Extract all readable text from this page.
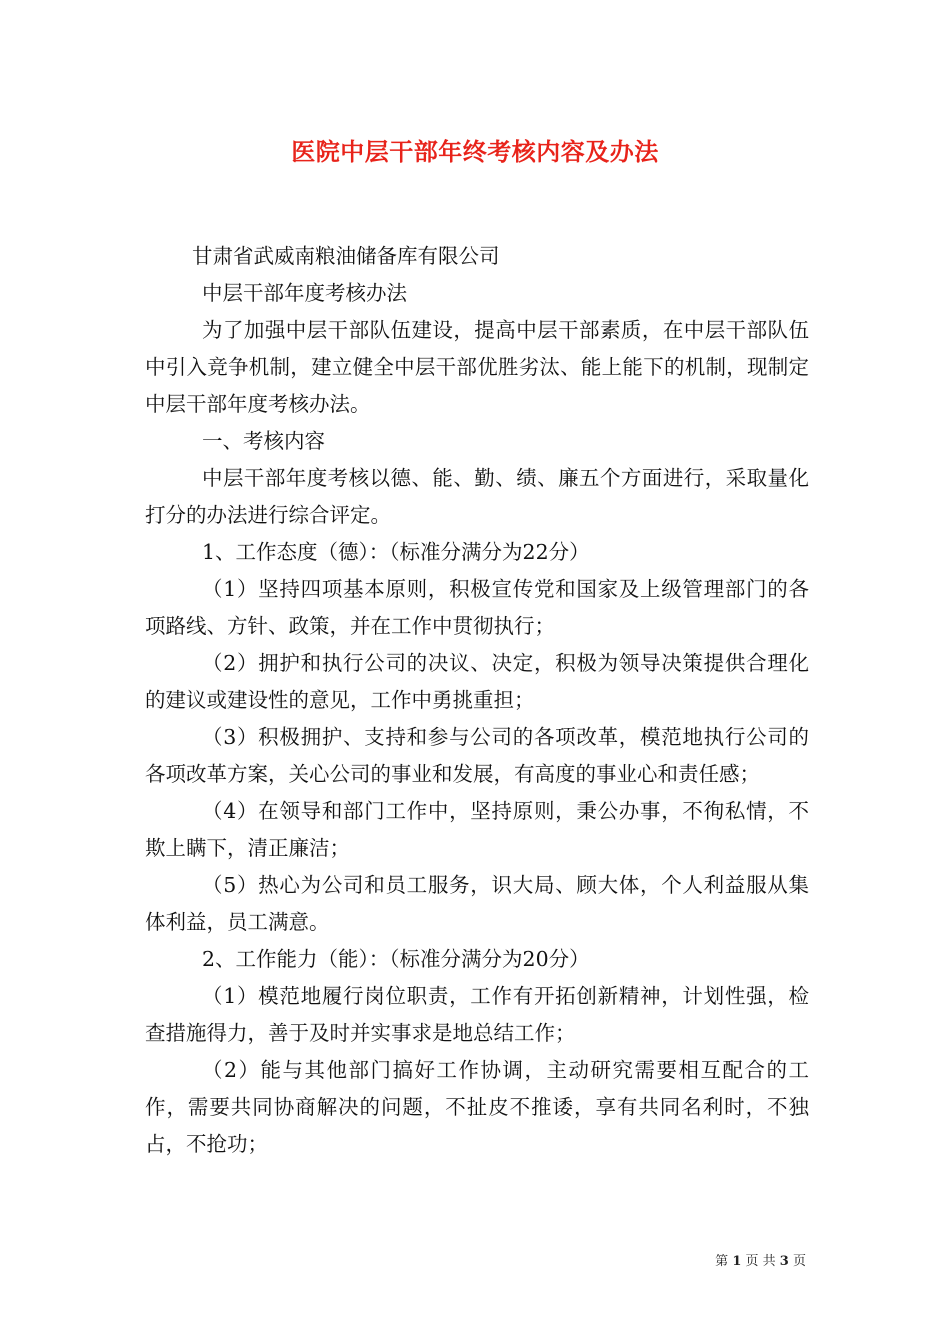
医院中层干部年终考核内容及办法

甘肃省武威南粮油储备库有限公司

中层干部年度考核办法

为了加强中层干部队伍建设，提高中层干部素质，在中层干部队伍中引入竞争机制，建立健全中层干部优胜劣汰、能上能下的机制，现制定中层干部年度考核办法。

一、考核内容

中层干部年度考核以德、能、勤、绩、廉五个方面进行，采取量化打分的办法进行综合评定。

1、工作态度（德）：（标准分满分为22分）

（1）坚持四项基本原则，积极宣传党和国家及上级管理部门的各项路线、方针、政策，并在工作中贯彻执行；

（2）拥护和执行公司的决议、决定，积极为领导决策提供合理化的建议或建设性的意见，工作中勇挑重担；

（3）积极拥护、支持和参与公司的各项改革，模范地执行公司的各项改革方案，关心公司的事业和发展，有高度的事业心和责任感；

（4）在领导和部门工作中，坚持原则，秉公办事，不徇私情，不欺上瞒下，清正廉洁；

（5）热心为公司和员工服务，识大局、顾大体，个人利益服从集体利益，员工满意。

2、工作能力（能）：（标准分满分为20分）

（1）模范地履行岗位职责，工作有开拓创新精神，计划性强，检查措施得力，善于及时并实事求是地总结工作；

（2）能与其他部门搞好工作协调，主动研究需要相互配合的工作，需要共同协商解决的问题，不扯皮不推诿，享有共同名利时，不独占，不抢功；

第 1 页 共 3 页
